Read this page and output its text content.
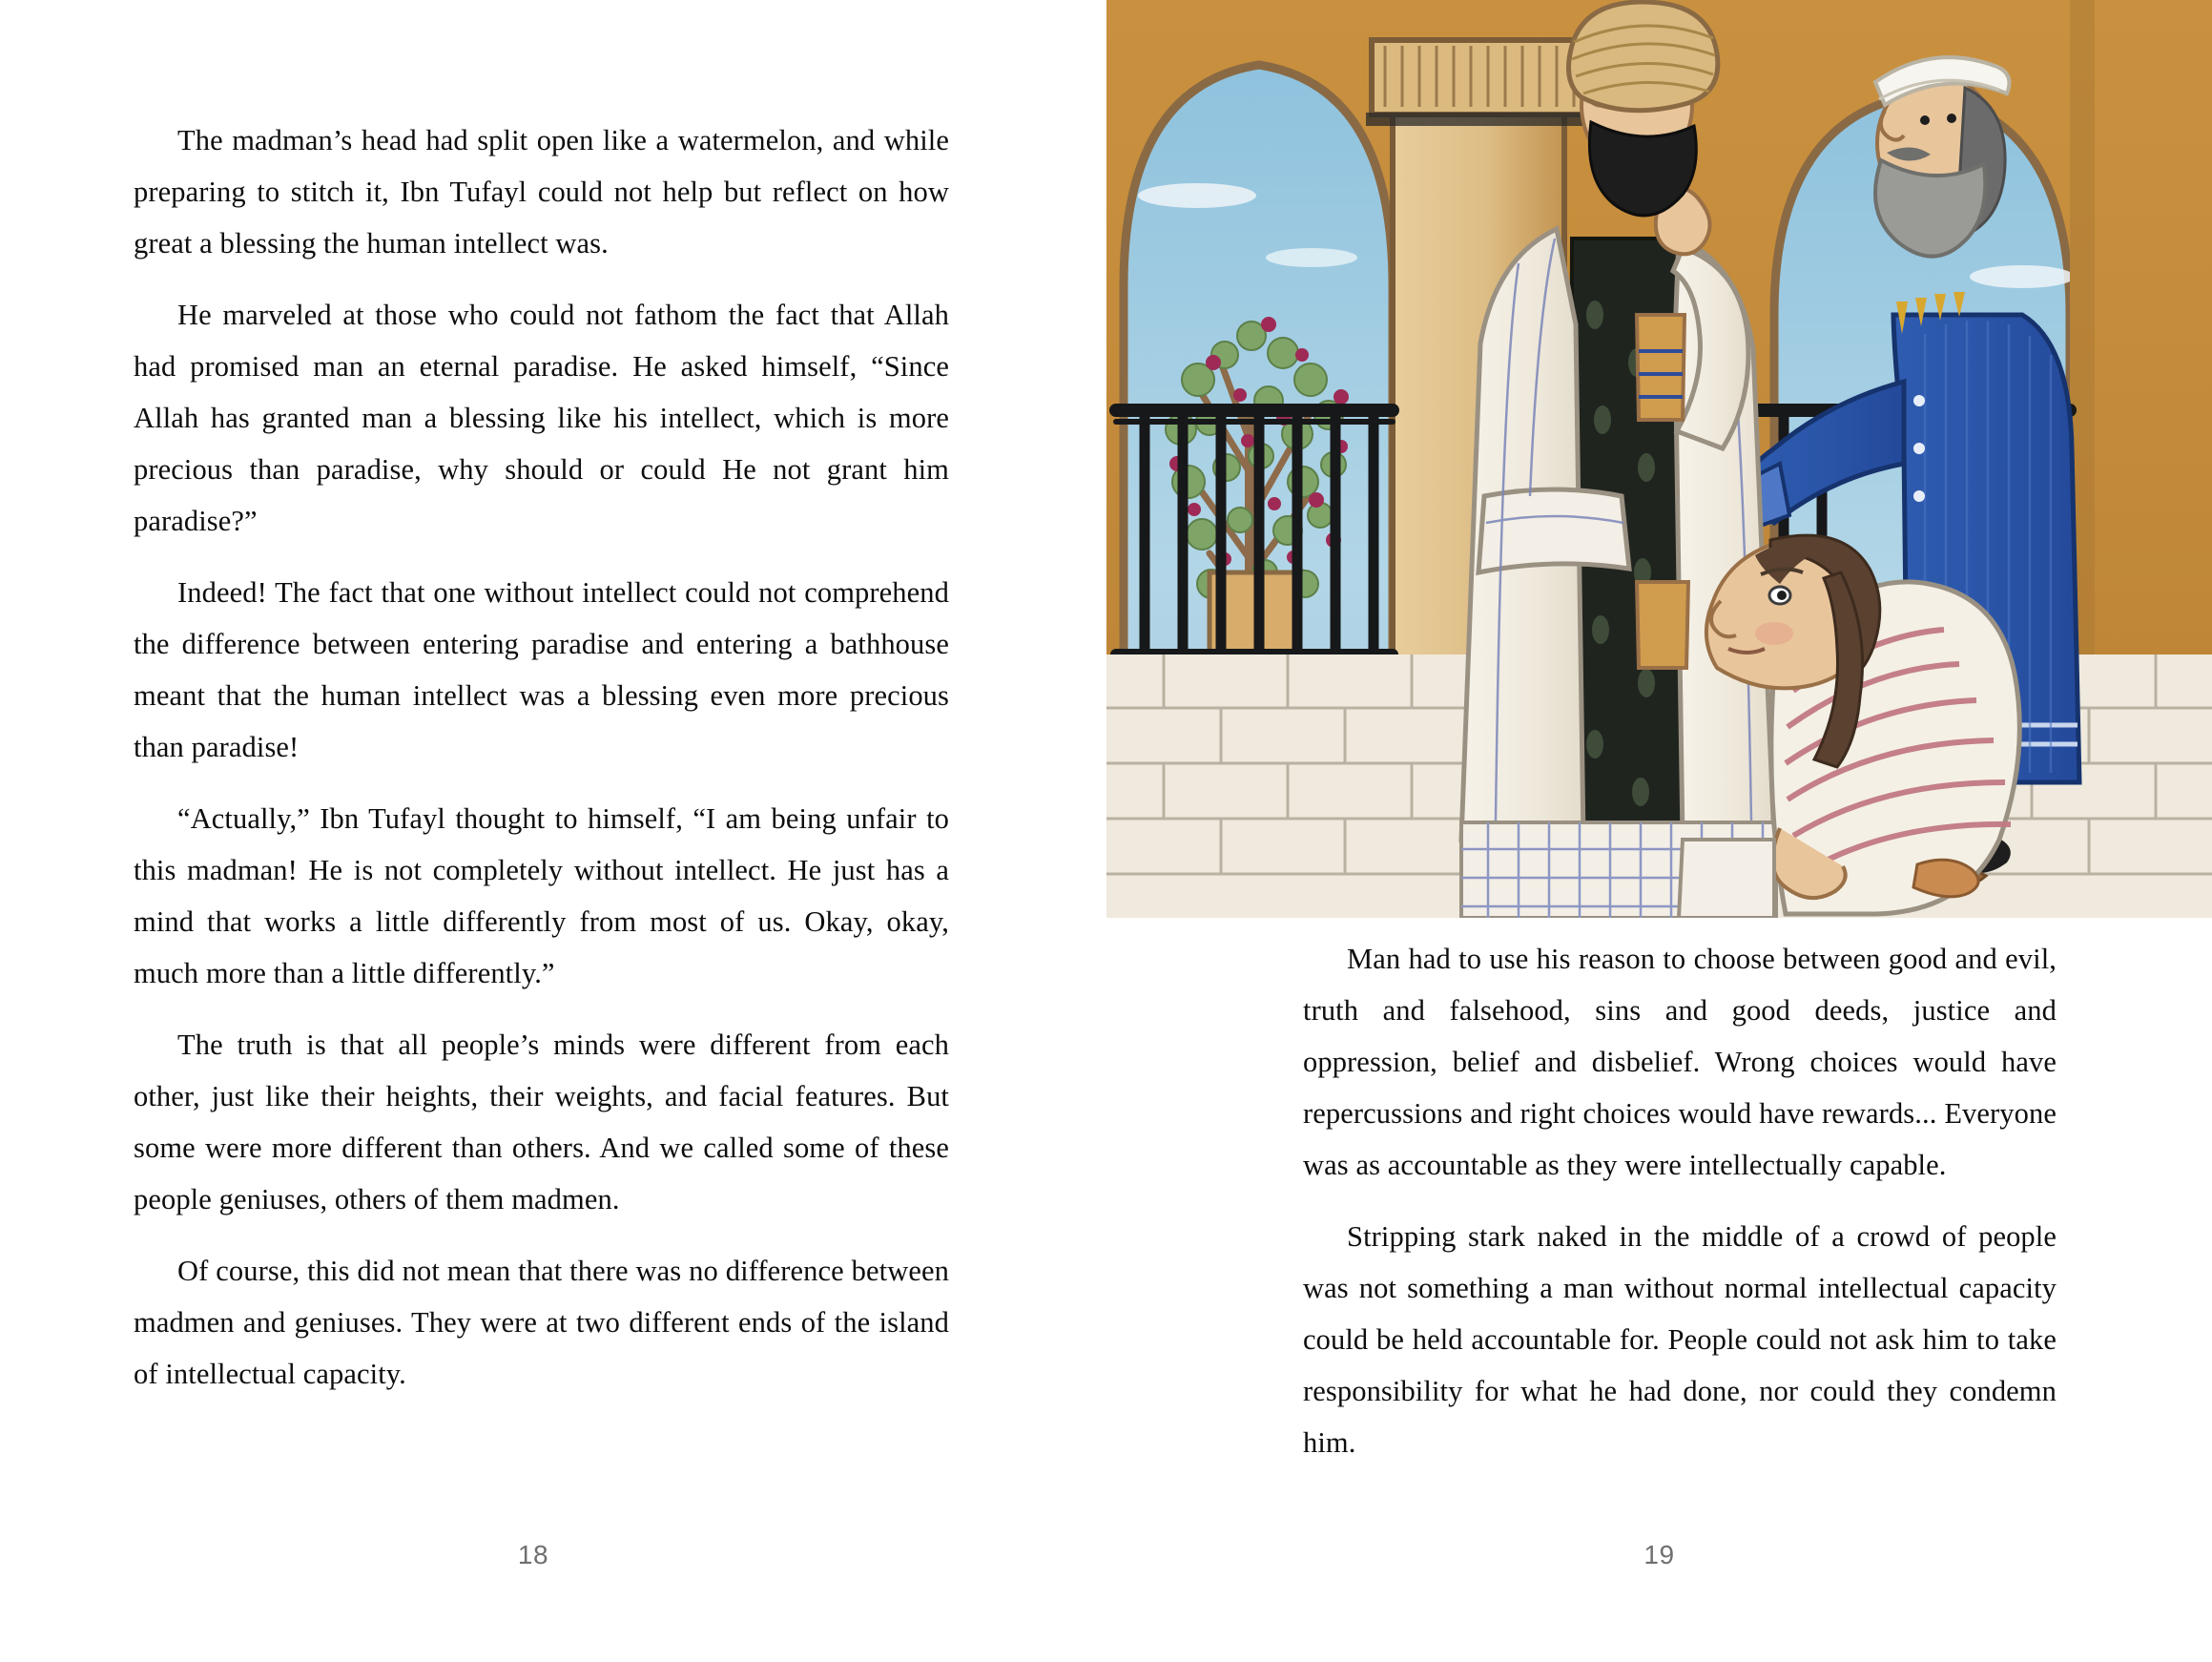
The madman’s head had split open like a watermelon, and while preparing to stitch it, Ibn Tufayl could not help but reflect on how great a blessing the human intellect was.

He marveled at those who could not fathom the fact that Allah had promised man an eternal paradise. He asked himself, “Since Allah has granted man a blessing like his intellect, which is more precious than paradise, why should or could He not grant him paradise?”

Indeed! The fact that one without intellect could not comprehend the difference between entering paradise and entering a bathhouse meant that the human intellect was a blessing even more precious than paradise!

“Actually,” Ibn Tufayl thought to himself, “I am being unfair to this madman! He is not completely without intellect. He just has a mind that works a little differently from most of us. Okay, okay, much more than a little differently.”

The truth is that all people’s minds were different from each other, just like their heights, their weights, and facial features. But some were more different than others. And we called some of these people geniuses, others of them madmen.

Of course, this did not mean that there was no difference between madmen and geniuses. They were at two different ends of the island of intellectual capacity.

18

Man had to use his reason to choose between good and evil, truth and falsehood, sins and good deeds, justice and oppression, belief and disbelief. Wrong choices would have repercussions and right choices would have rewards... Everyone was as accountable as they were intellectually capable.

Stripping stark naked in the middle of a crowd of people was not something a man without normal intellectual capacity could be held accountable for. People could not ask him to take responsibility for what he had done, nor could they condemn him.

19
